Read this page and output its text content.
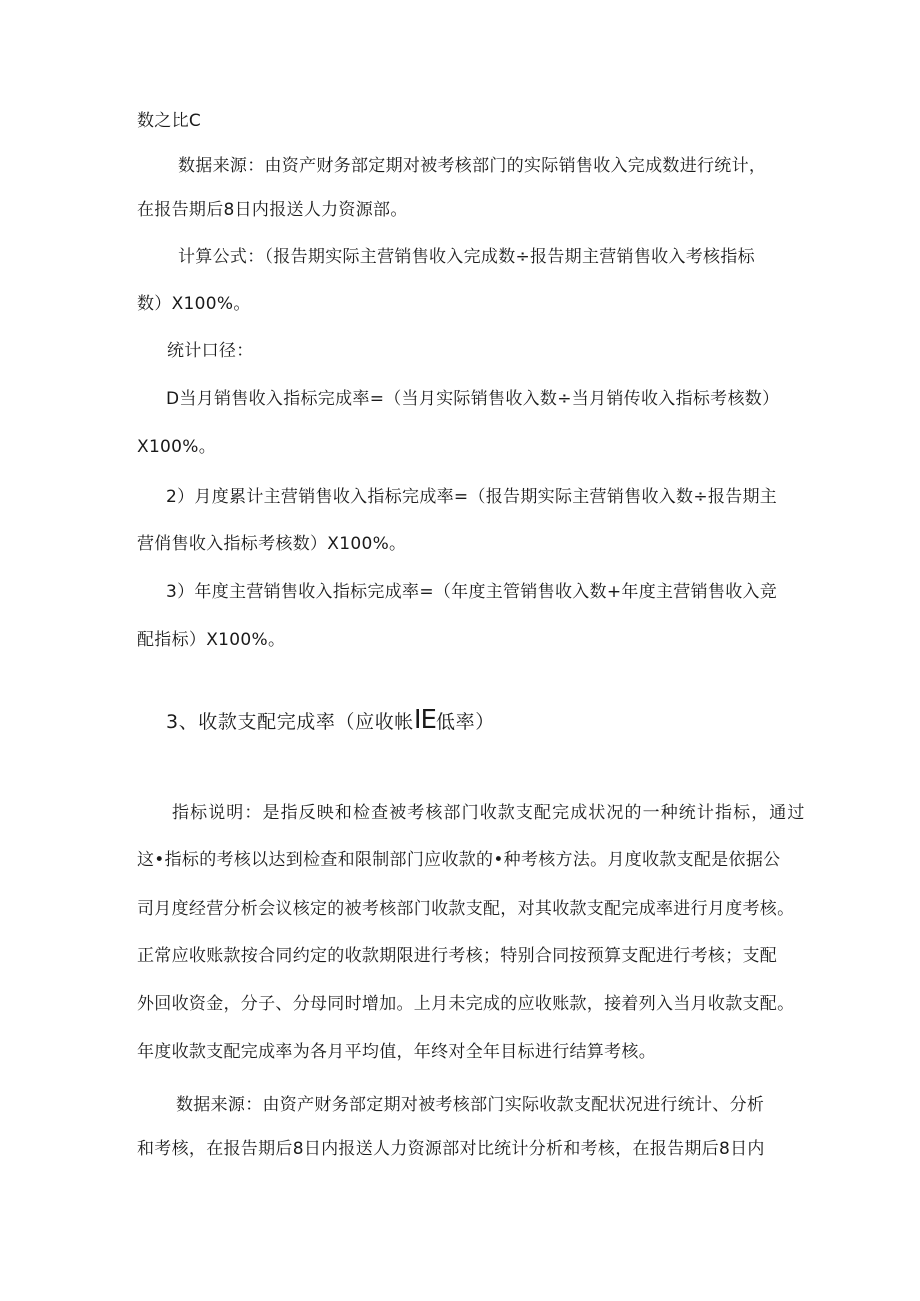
数之比C
数据来源：由资产财务部定期对被考核部门的实际销售收入完成数进行统计，
在报告期后8日内报送人力资源部。
计算公式：（报告期实际主营销售收入完成数÷报告期主营销售收入考核指标
数）X100%。
统计口径：
D当月销售收入指标完成率=（当月实际销售收入数÷当月销传收入指标考核数）
X100%。
2）月度累计主营销售收入指标完成率=（报告期实际主营销售收入数÷报告期主
营俏售收入指标考核数）X100%。
3）年度主营销售收入指标完成率=（年度主管销售收入数+年度主营销售收入竞
配指标）X100%。
3、收款支配完成率（应收帐IE低率）
指标说明：是指反映和检查被考核部门收款支配完成状况的一种统计指标，通过
这•指标的考核以达到检查和限制部门应收款的•种考核方法。月度收款支配是依据公
司月度经营分析会议核定的被考核部门收款支配，对其收款支配完成率进行月度考核。
正常应收账款按合同约定的收款期限进行考核；特别合同按预算支配进行考核；支配
外回收资金，分子、分母同时增加。上月未完成的应收账款，接着列入当月收款支配。
年度收款支配完成率为各月平均值，年终对全年目标进行结算考核。
数据来源：由资产财务部定期对被考核部门实际收款支配状况进行统计、分析
和考核，在报告期后8日内报送人力资源部对比统计分析和考核，在报告期后8日内
